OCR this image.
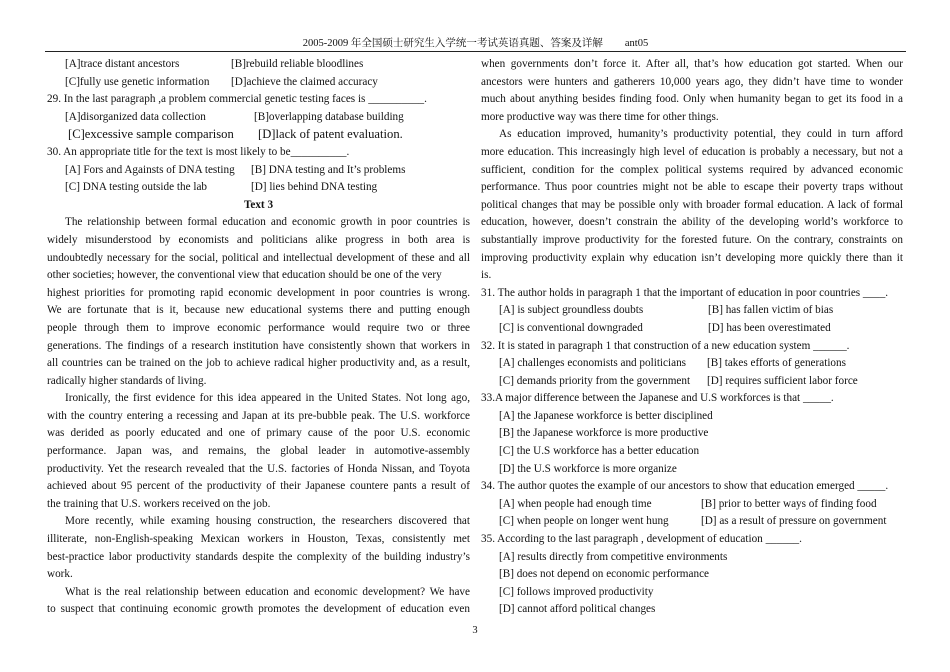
2005-2009 年全国硕士研究生入学统一考试英语真题、答案及详解 ant05
[A]trace distant ancestors	[B]rebuild reliable bloodlines
[C]fully use genetic information [D]achieve the claimed accuracy
29. In the last paragraph ,a problem commercial genetic testing faces is __________.
[A]disorganized data collection	[B]overlapping database building
[C]excessive sample comparison [D]lack of patent evaluation.
30. An appropriate title for the text is most likely to be__________.
[A] Fors and Againsts of DNA testing [B] DNA testing and It’s problems
[C] DNA testing outside the lab	[D] lies behind DNA testing
Text 3
The relationship between formal education and economic growth in poor countries is
widely misunderstood by economists and politicians alike progress in both area is
undoubtedly necessary for the social, political and intellectual development of these and all
other societies; however, the conventional view that education should be one of the very
highest priorities for promoting rapid economic development in poor countries is wrong.
We are fortunate that is it, because new educational systems there and putting enough
people through them to improve economic performance would require two or three
generations. The findings of a research institution have consistently shown that workers in
all countries can be trained on the job to achieve radical higher productivity and, as a result,
radically higher standards of living.
Ironically, the first evidence for this idea appeared in the United States. Not long ago,
with the country entering a recessing and Japan at its pre-bubble peak. The U.S. workforce
was derided as poorly educated and one of primary cause of the poor U.S. economic
performance. Japan was, and remains, the global leader in automotive-assembly
productivity. Yet the research revealed that the U.S. factories of Honda Nissan, and Toyota
achieved about 95 percent of the productivity of their Japanese countere pants a result of
the training that U.S. workers received on the job.
More recently, while examing housing construction, the researchers discovered that
illiterate, non-English-speaking Mexican workers in Houston, Texas, consistently met
best-practice labor productivity standards despite the complexity of the building industry’s
work.
What is the real relationship between education and economic development? We have
to suspect that continuing economic growth promotes the development of education even
when governments don’t force it. After all, that’s how education got started. When our
ancestors were hunters and gatherers 10,000 years ago, they didn’t have time to wonder
much about anything besides finding food. Only when humanity began to get its food in a
more productive way was there time for other things.
As education improved, humanity’s productivity potential, they could in turn afford
more education. This increasingly high level of education is probably a necessary, but not a
sufficient, condition for the complex political systems required by advanced economic
performance. Thus poor countries might not be able to escape their poverty traps without
political changes that may be possible only with broader formal education. A lack of formal
education, however, doesn’t constrain the ability of the developing world’s workforce to
substantially improve productivity for the forested future. On the contrary, constraints on
improving productivity explain why education isn’t developing more quickly there than it
is.
31. The author holds in paragraph 1 that the important of education in poor countries ____.
[A] is subject groundless doubts	[B] has fallen victim of bias
[C] is conventional downgraded	[D] has been overestimated
32. It is stated in paragraph 1 that construction of a new education system ______.
[A] challenges economists and politicians [B] takes efforts of generations
[C] demands priority from the government [D] requires sufficient labor force
33.A major difference between the Japanese and U.S workforces is that _____.
[A] the Japanese workforce is better disciplined
[B] the Japanese workforce is more productive
[C] the U.S workforce has a better education
[D] the U.S workforce is more organize
34. The author quotes the example of our ancestors to show that education emerged _____.
[A] when people had enough time	[B] prior to better ways of finding food
[C] when people on longer went hung	[D] as a result of pressure on government
35. According to the last paragraph , development of education ______.
[A] results directly from competitive environments
[B] does not depend on economic performance
[C] follows improved productivity
[D] cannot afford political changes
3
